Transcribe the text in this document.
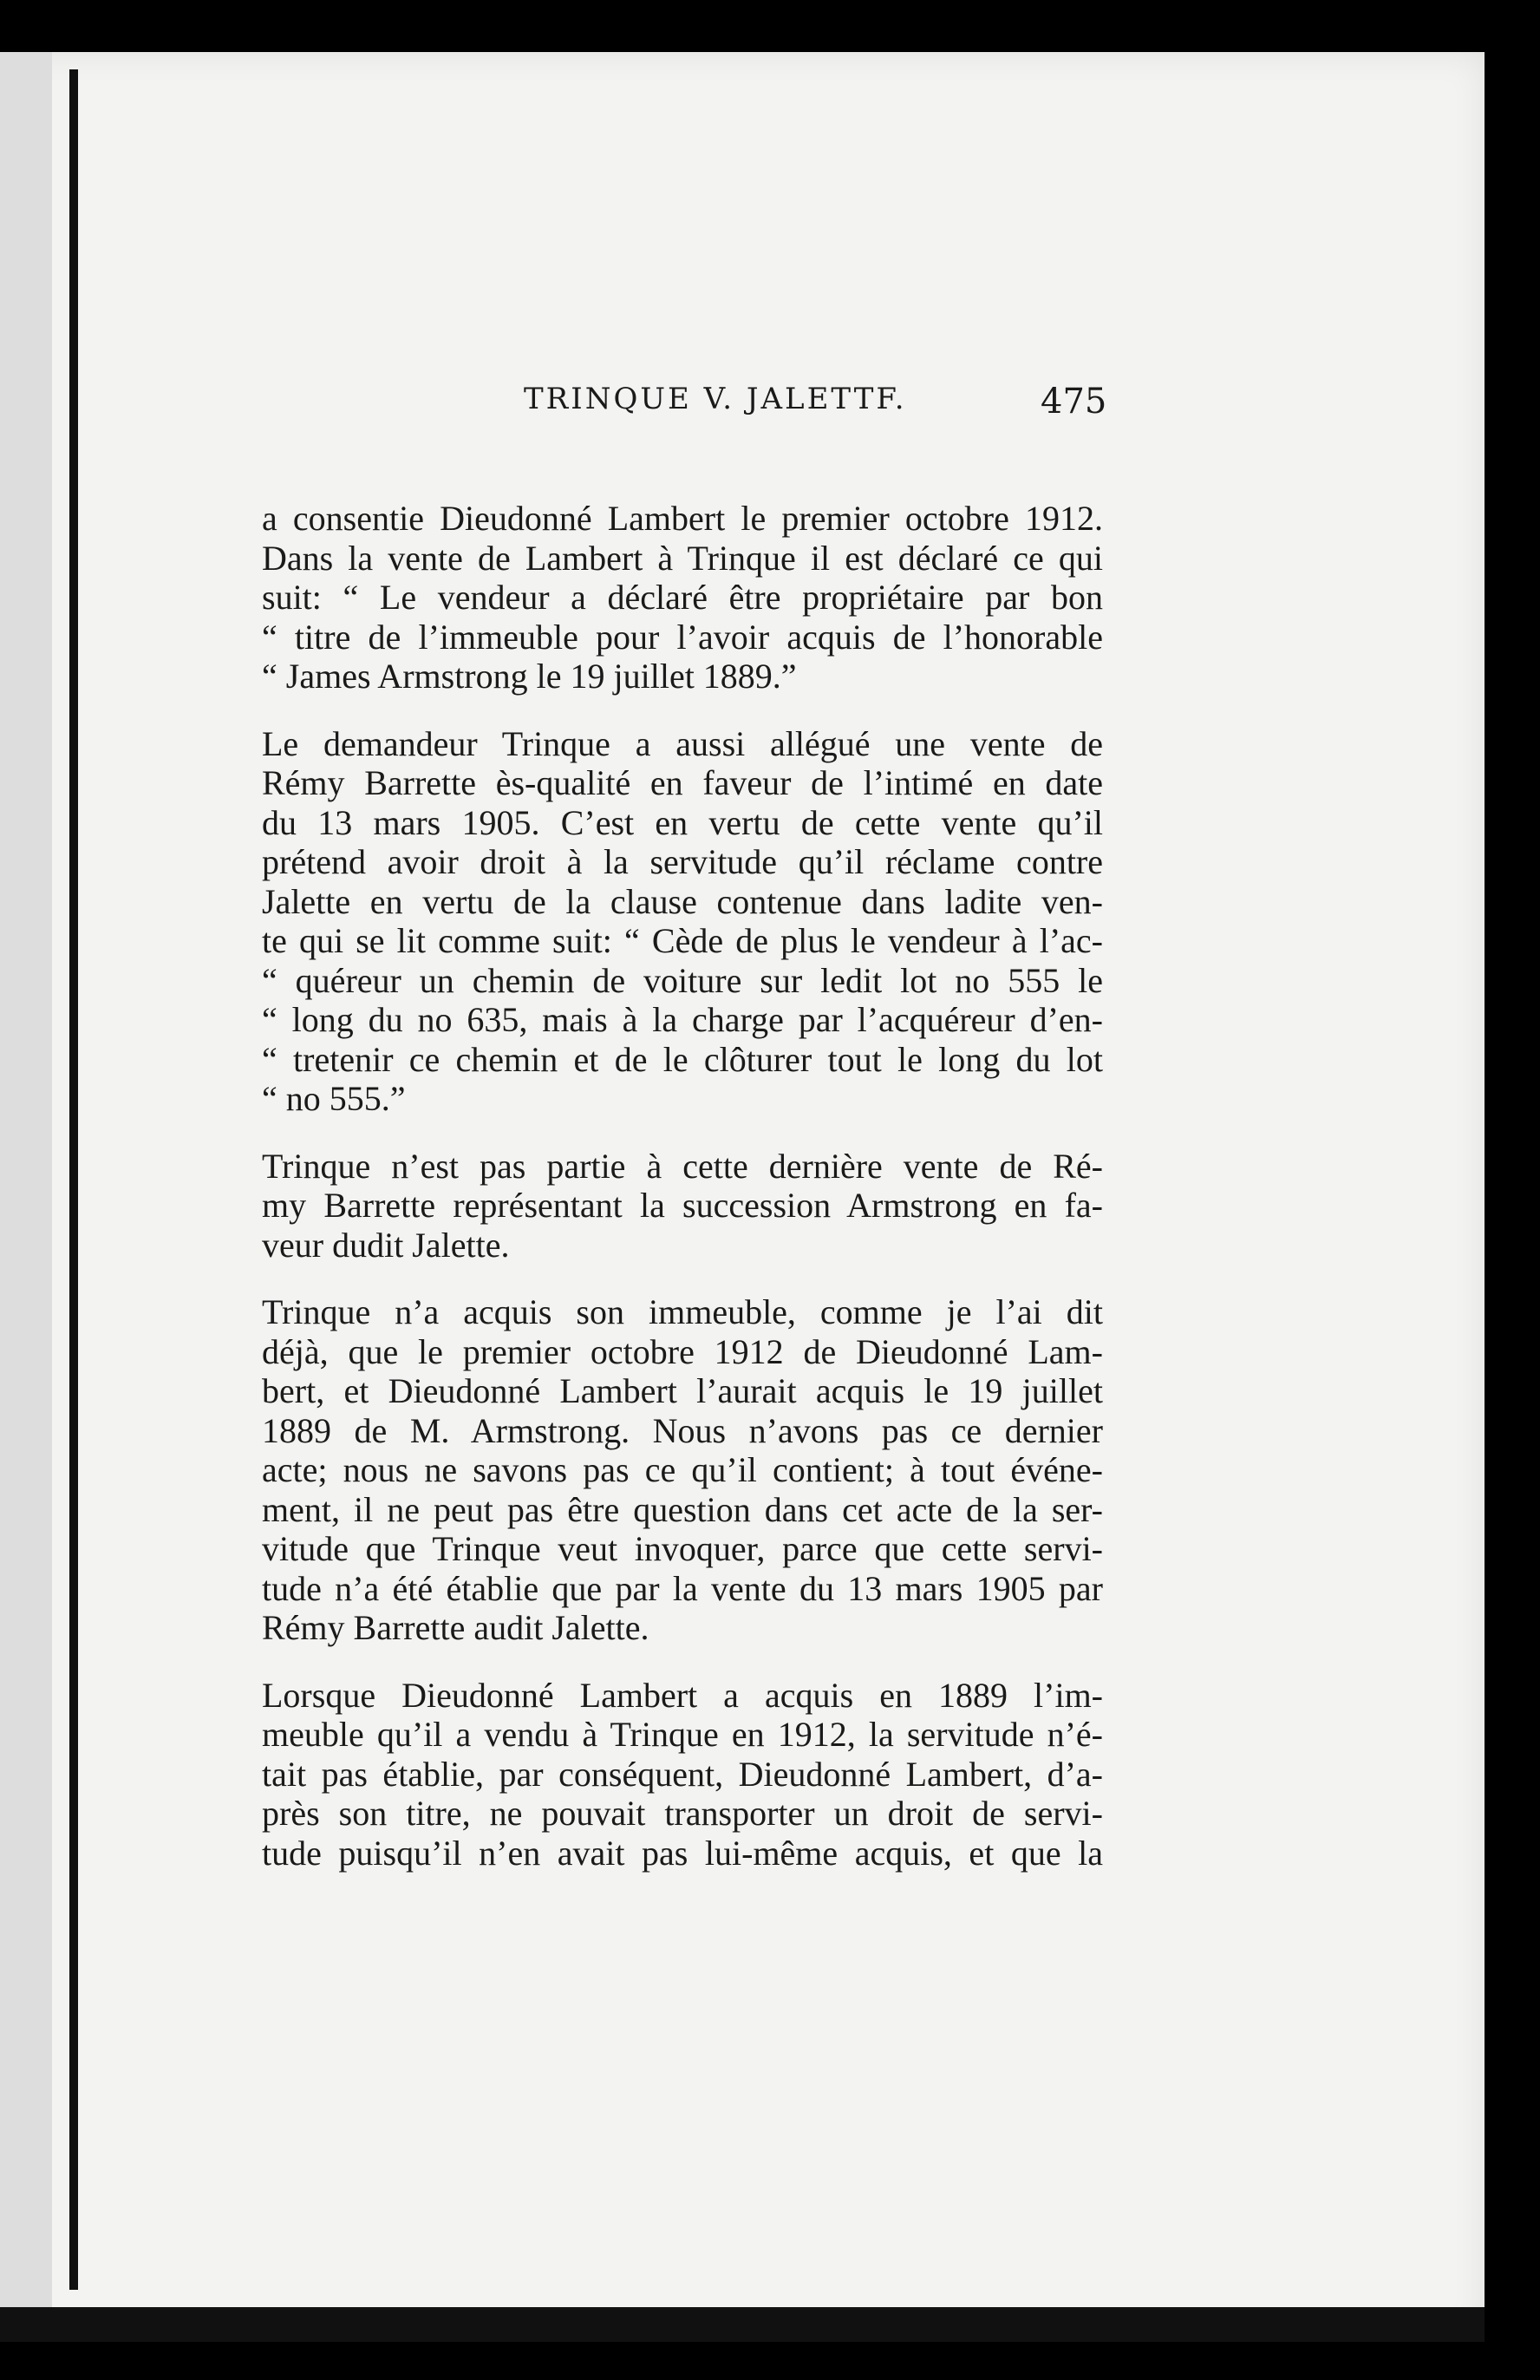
TRINQUE V. JALETTF.	475
a consentie Dieudonné Lambert le premier octobre 1912.
Dans la vente de Lambert à Trinque il est déclaré ce qui
suit: “ Le vendeur a déclaré être propriétaire par bon
“ titre de l’immeuble pour l’avoir acquis de l’honorable
“ James Armstrong le 19 juillet 1889.”
Le demandeur Trinque a aussi allégué une vente de
Rémy Barrette ès-qualité en faveur de l’intimé en date
du 13 mars 1905. C’est en vertu de cette vente qu’il
prétend avoir droit à la servitude qu’il réclame contre
Jalette en vertu de la clause contenue dans ladite ven-
te qui se lit comme suit: “ Cède de plus le vendeur à l’ac-
“ quéreur un chemin de voiture sur ledit lot no 555 le
“ long du no 635, mais à la charge par l’acquéreur d’en-
“ tretenir ce chemin et de le clôturer tout le long du lot
“ no 555.”
Trinque n’est pas partie à cette dernière vente de Ré-
my Barrette représentant la succession Armstrong en fa-
veur dudit Jalette.
Trinque n’a acquis son immeuble, comme je l’ai dit
déjà, que le premier octobre 1912 de Dieudonné Lam-
bert, et Dieudonné Lambert l’aurait acquis le 19 juillet
1889 de M. Armstrong. Nous n’avons pas ce dernier
acte; nous ne savons pas ce qu’il contient; à tout événe-
ment, il ne peut pas être question dans cet acte de la ser-
vitude que Trinque veut invoquer, parce que cette servi-
tude n’a été établie que par la vente du 13 mars 1905 par
Rémy Barrette audit Jalette.
Lorsque Dieudonné Lambert a acquis en 1889 l’im-
meuble qu’il a vendu à Trinque en 1912, la servitude n’é-
tait pas établie, par conséquent, Dieudonné Lambert, d’a-
près son titre, ne pouvait transporter un droit de servi-
tude puisqu’il n’en avait pas lui-même acquis, et que la
